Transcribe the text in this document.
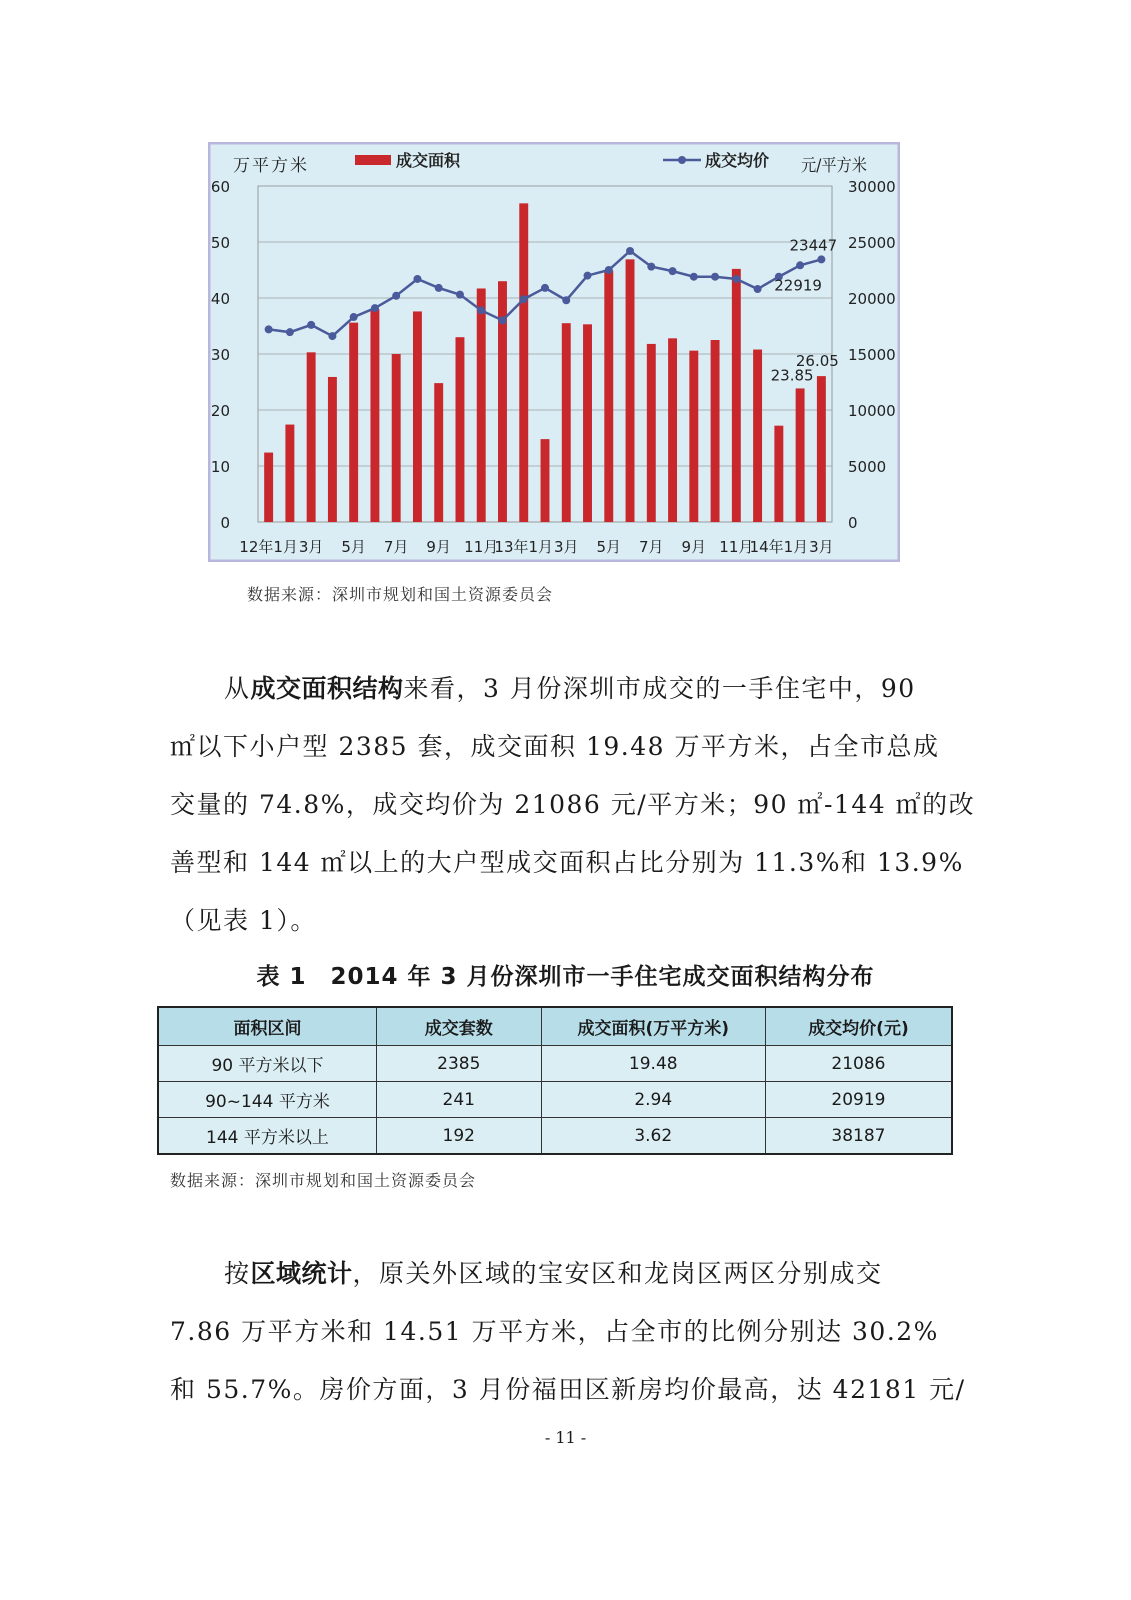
0
10
20
30
40
50
60
0
5000
10000
15000
20000
25000
30000
12年1月 3月 5月 7月 9月 11月
13年1月 3月 5月 7月 9月 11月
14年1月 3月
23.85
26.05
22919
23447
成交面积	成交均价
万平方米	元/平方米
数据来源：深圳市规划和国土资源委员会
从成交面积结构来看，3 月份深圳市成交的一手住宅中，90
㎡以下小户型 2385 套，成交面积 19.48 万平方米，占全市总成
交量的 74.8%，成交均价为 21086 元/平方米；90 ㎡-144 ㎡的改
善型和 144 ㎡以上的大户型成交面积占比分别为 11.3%和 13.9%
（见表 1）。
表 1　2014 年 3 月份深圳市一手住宅成交面积结构分布
面积区间	成交套数	成交面积(万平方米)	成交均价(元)
90 平方米以下	2385	19.48	21086
90~144 平方米	241	2.94	20919
144 平方米以上	192	3.62	38187
数据来源：深圳市规划和国土资源委员会
按区域统计，原关外区域的宝安区和龙岗区两区分别成交
7.86 万平方米和 14.51 万平方米，占全市的比例分别达 30.2%
和 55.7%。房价方面，3 月份福田区新房均价最高，达 42181 元/
- 11 -
